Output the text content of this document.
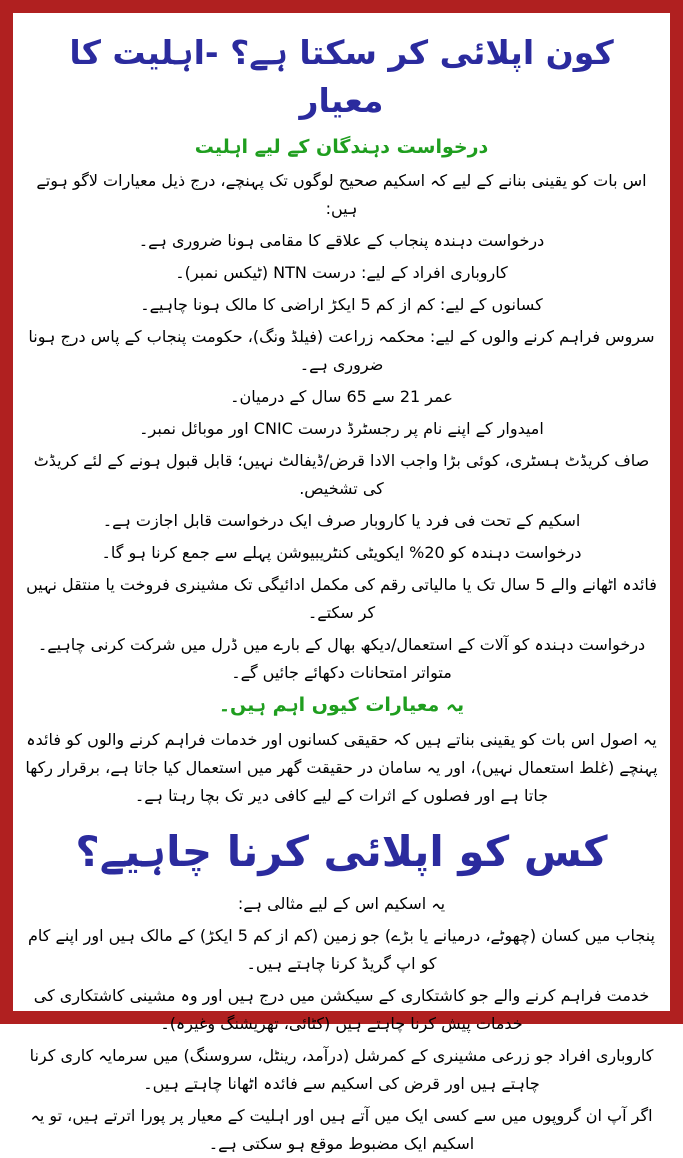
کون اپلائی کر سکتا ہے؟ -اہلیت کا معیار
درخواست دہندگان کے لیے اہلیت

اس بات کو یقینی بنانے کے لیے کہ اسکیم صحیح لوگوں تک پہنچے، درج ذیل معیارات لاگو ہوتے ہیں:

درخواست دہندہ پنجاب کے علاقے کا مقامی ہونا ضروری ہے۔

کاروباری افراد کے لیے: درست NTN (ٹیکس نمبر)۔

کسانوں کے لیے: کم از کم 5 ایکڑ اراضی کا مالک ہونا چاہیے۔

سروس فراہم کرنے والوں کے لیے: محکمہ زراعت (فیلڈ ونگ)، حکومت پنجاب کے پاس درج ہونا ضروری ہے۔

عمر 21 سے 65 سال کے درمیان۔

امیدوار کے اپنے نام پر رجسٹرڈ درست CNIC اور موبائل نمبر۔

صاف کریڈٹ ہسٹری، کوئی بڑا واجب الادا قرض/ڈیفالٹ نہیں؛ قابل قبول ہونے کے لئے کریڈٹ کی تشخیص.

اسکیم کے تحت فی فرد یا کاروبار صرف ایک درخواست قابل اجازت ہے۔

درخواست دہندہ کو 20% ایکویٹی کنٹریبیوشن پہلے سے جمع کرنا ہو گا۔

فائدہ اٹھانے والے 5 سال تک یا مالیاتی رقم کی مکمل ادائیگی تک مشینری فروخت یا منتقل نہیں کر سکتے۔

درخواست دہندہ کو آلات کے استعمال/دیکھ بھال کے بارے میں ڈرل میں شرکت کرنی چاہیے۔ متواتر امتحانات دکھائے جائیں گے۔

یہ معیارات کیوں اہم ہیں۔

یہ اصول اس بات کو یقینی بناتے ہیں کہ حقیقی کسانوں اور خدمات فراہم کرنے والوں کو فائدہ پہنچے (غلط استعمال نہیں)، اور یہ سامان در حقیقت گھر میں استعمال کیا جاتا ہے، برقرار رکھا جاتا ہے اور فصلوں کے اثرات کے لیے کافی دیر تک بچا رہتا ہے۔

کس کو اپلائی کرنا چاہیے؟

یہ اسکیم اس کے لیے مثالی ہے:

پنجاب میں کسان (چھوٹے، درمیانے یا بڑے) جو زمین (کم از کم 5 ایکڑ) کے مالک ہیں اور اپنے کام کو اپ گریڈ کرنا چاہتے ہیں۔

خدمت فراہم کرنے والے جو کاشتکاری کے سیکشن میں درج ہیں اور وہ مشینی کاشتکاری کی خدمات پیش کرنا چاہتے ہیں (کٹائی، تھریشنگ وغیرہ)۔

کاروباری افراد جو زرعی مشینری کے کمرشل (درآمد، رینٹل، سروسنگ) میں سرمایہ کاری کرنا چاہتے ہیں اور قرض کی اسکیم سے فائدہ اٹھانا چاہتے ہیں۔

اگر آپ ان گروپوں میں سے کسی ایک میں آتے ہیں اور اہلیت کے معیار پر پورا اترتے ہیں، تو یہ اسکیم ایک مضبوط موقع ہو سکتی ہے۔
